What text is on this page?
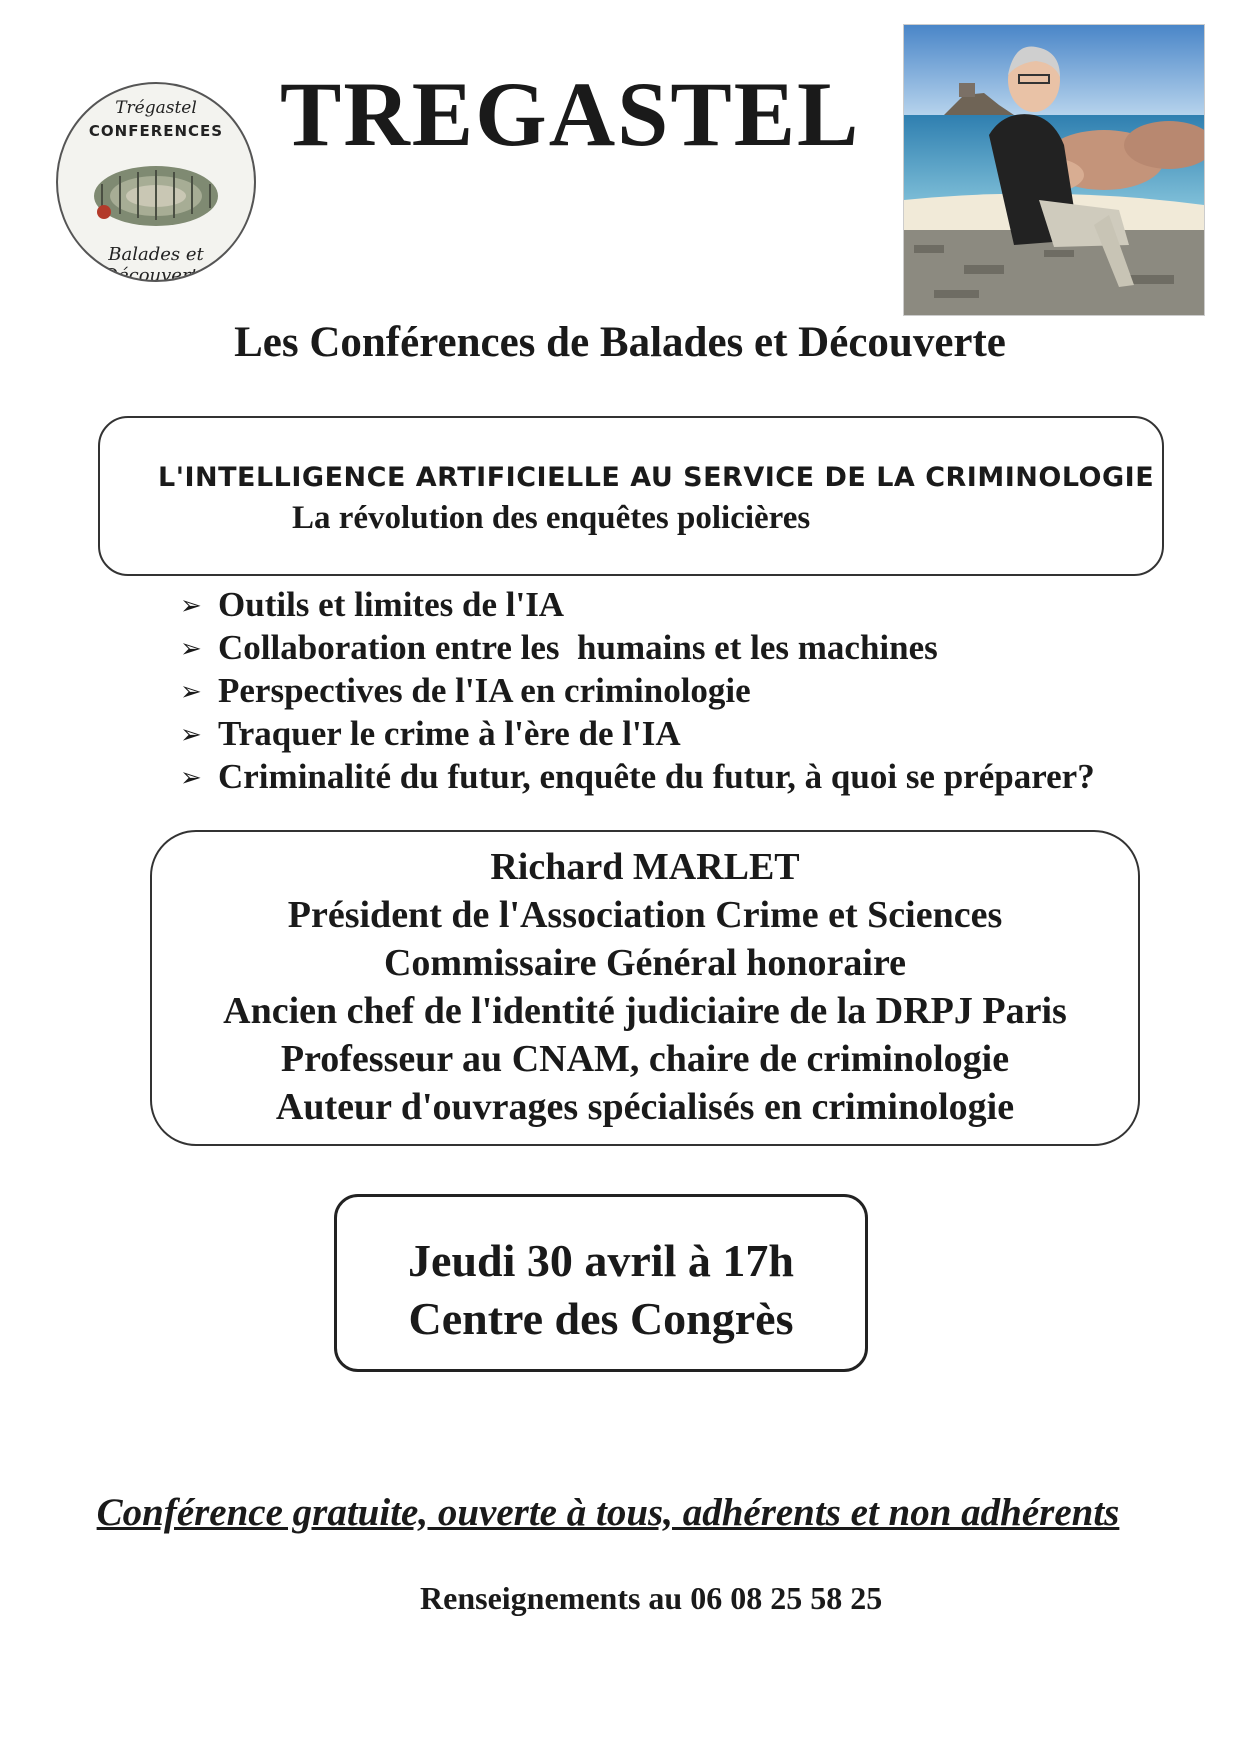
Trégastel
CONFERENCES
Balades et Découverte
TREGASTEL
Les Conférences de Balades et Découverte
L'INTELLIGENCE ARTIFICIELLE AU SERVICE DE LA CRIMINOLOGIE
La révolution des enquêtes policières
➢ Outils et limites de l'IA
➢ Collaboration entre les  humains et les machines
➢ Perspectives de l'IA en criminologie
➢ Traquer le crime à l'ère de l'IA
➢ Criminalité du futur, enquête du futur, à quoi se préparer?
Richard MARLET
Président de l'Association Crime et Sciences
Commissaire Général honoraire
Ancien chef de l'identité judiciaire de la DRPJ Paris
Professeur au CNAM, chaire de criminologie
Auteur d'ouvrages spécialisés en criminologie
Jeudi 30 avril à 17h
Centre des Congrès
Conférence gratuite, ouverte à tous, adhérents et non adhérents
Renseignements au 06 08 25 58 25
